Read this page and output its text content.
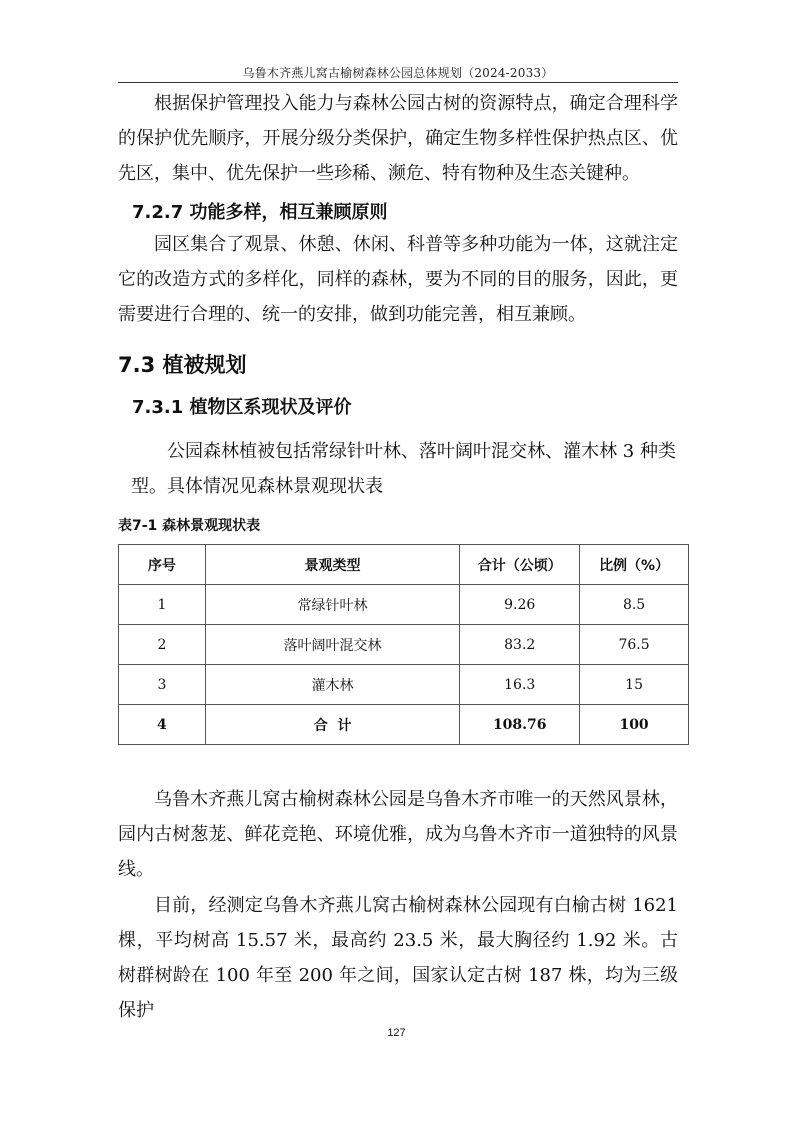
乌鲁木齐燕儿窝古榆树森林公园总体规划（2024-2033）

根据保护管理投入能力与森林公园古树的资源特点，确定合理科学的保护优先顺序，开展分级分类保护，确定生物多样性保护热点区、优先区，集中、优先保护一些珍稀、濒危、特有物种及生态关键种。

7.2.7 功能多样，相互兼顾原则

园区集合了观景、休憩、休闲、科普等多种功能为一体，这就注定它的改造方式的多样化，同样的森林，要为不同的目的服务，因此，更需要进行合理的、统一的安排，做到功能完善，相互兼顾。

7.3 植被规划
7.3.1 植物区系现状及评价

公园森林植被包括常绿针叶林、落叶阔叶混交林、灌木林 3 种类型。具体情况见森林景观现状表

表7-1 森林景观现状表
序号	景观类型	合计（公顷）	比例（%）
1	常绿针叶林	9.26	8.5
2	落叶阔叶混交林	83.2	76.5
3	灌木林	16.3	15
4	合  计	108.76	100

乌鲁木齐燕儿窝古榆树森林公园是乌鲁木齐市唯一的天然风景林，园内古树葱茏、鲜花竞艳、环境优雅，成为乌鲁木齐市一道独特的风景线。

目前，经测定乌鲁木齐燕儿窝古榆树森林公园现有白榆古树 1621 棵，平均树高 15.57 米，最高约 23.5 米，最大胸径约 1.92 米。古树群树龄在 100 年至 200 年之间，国家认定古树 187 株，均为三级保护

127
